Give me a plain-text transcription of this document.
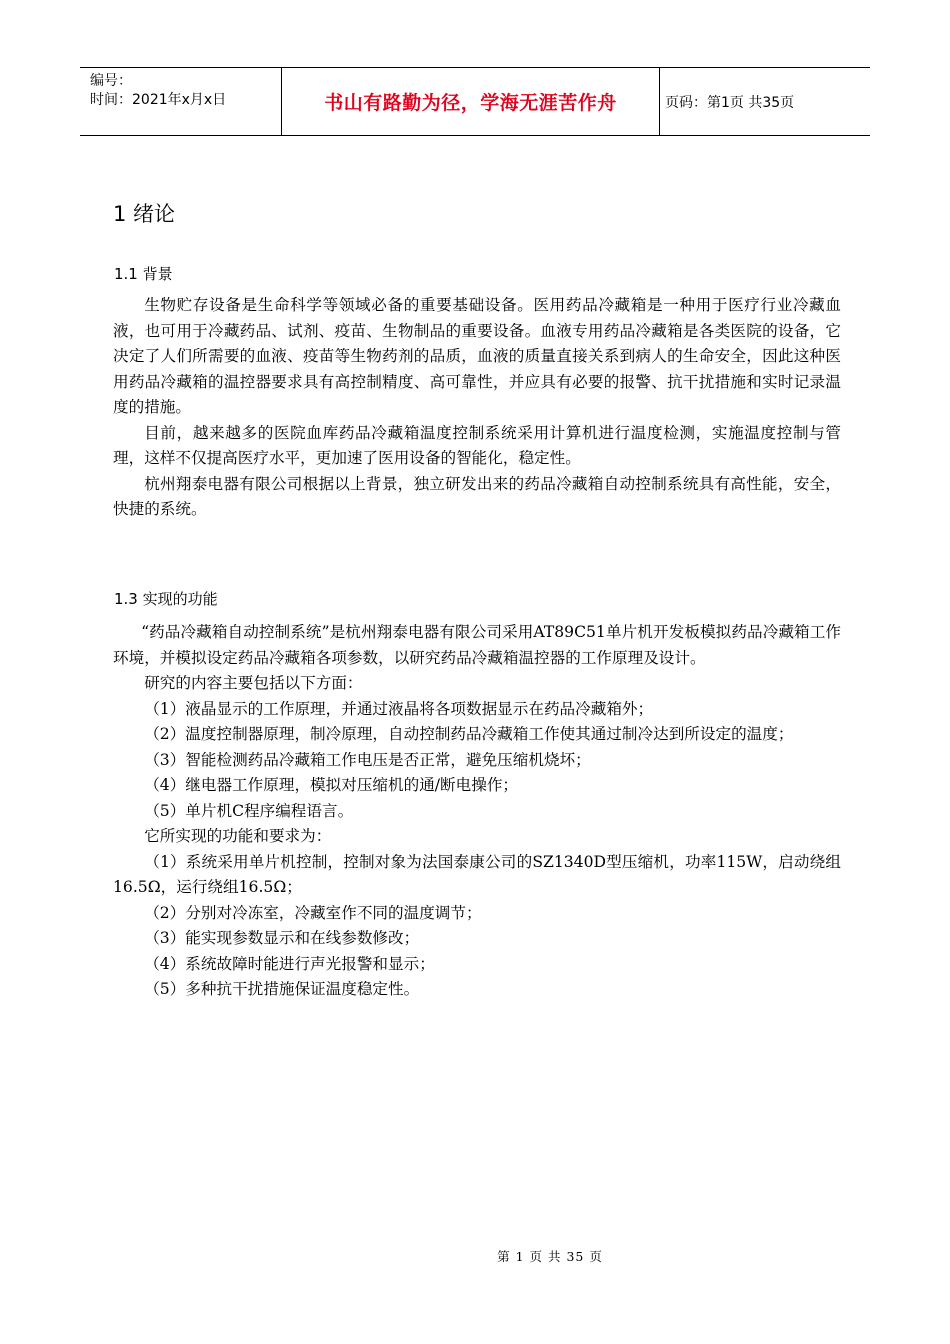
编号：
时间：2021年x月x日	书山有路勤为径，学海无涯苦作舟	页码：第1页 共35页
1 绪论
1.1 背景
生物贮存设备是生命科学等领域必备的重要基础设备。医用药品冷藏箱是一种用于医疗行业冷藏血液，也可用于冷藏药品、试剂、疫苗、生物制品的重要设备。血液专用药品冷藏箱是各类医院的设备，它决定了人们所需要的血液、疫苗等生物药剂的品质，血液的质量直接关系到病人的生命安全，因此这种医用药品冷藏箱的温控器要求具有高控制精度、高可靠性，并应具有必要的报警、抗干扰措施和实时记录温度的措施。
目前，越来越多的医院血库药品冷藏箱温度控制系统采用计算机进行温度检测，实施温度控制与管理，这样不仅提高医疗水平，更加速了医用设备的智能化，稳定性。
杭州翔泰电器有限公司根据以上背景，独立研发出来的药品冷藏箱自动控制系统具有高性能，安全，快捷的系统。
1.3 实现的功能
“药品冷藏箱自动控制系统”是杭州翔泰电器有限公司采用AT89C51单片机开发板模拟药品冷藏箱工作环境，并模拟设定药品冷藏箱各项参数，以研究药品冷藏箱温控器的工作原理及设计。
研究的内容主要包括以下方面：
（1）液晶显示的工作原理，并通过液晶将各项数据显示在药品冷藏箱外；
（2）温度控制器原理，制冷原理，自动控制药品冷藏箱工作使其通过制冷达到所设定的温度；
（3）智能检测药品冷藏箱工作电压是否正常，避免压缩机烧坏；
（4）继电器工作原理，模拟对压缩机的通/断电操作；
（5）单片机C程序编程语言。
它所实现的功能和要求为：
（1）系统采用单片机控制，控制对象为法国泰康公司的SZ1340D型压缩机，功率115W，启动绕组16.5Ω，运行绕组16.5Ω；
（2）分别对冷冻室，冷藏室作不同的温度调节；
（3）能实现参数显示和在线参数修改；
（4）系统故障时能进行声光报警和显示；
（5）多种抗干扰措施保证温度稳定性。
第 1 页 共 35 页
